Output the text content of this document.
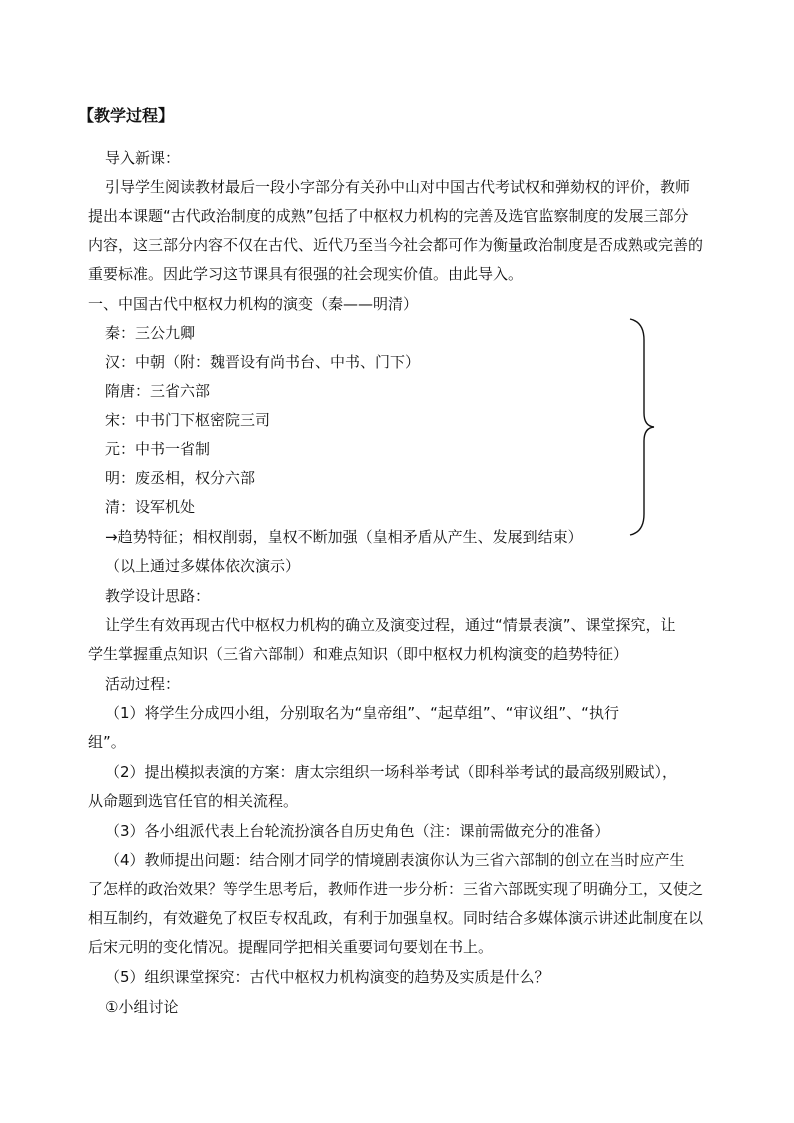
【教学过程】
导入新课：
引导学生阅读教材最后一段小字部分有关孙中山对中国古代考试权和弹劾权的评价，教师
提出本课题“古代政治制度的成熟”包括了中枢权力机构的完善及选官监察制度的发展三部分
内容，这三部分内容不仅在古代、近代乃至当今社会都可作为衡量政治制度是否成熟或完善的
重要标准。因此学习这节课具有很强的社会现实价值。由此导入。
一、中国古代中枢权力机构的演变（秦——明清）
秦：三公九卿
汉：中朝（附：魏晋设有尚书台、中书、门下）
隋唐：三省六部
宋：中书门下枢密院三司
元：中书一省制
明：废丞相，权分六部
清：设军机处
→趋势特征；相权削弱，皇权不断加强（皇相矛盾从产生、发展到结束）
（以上通过多媒体依次演示）
教学设计思路：
让学生有效再现古代中枢权力机构的确立及演变过程，通过“情景表演”、课堂探究，让
学生掌握重点知识（三省六部制）和难点知识（即中枢权力机构演变的趋势特征）
活动过程：
（1）将学生分成四小组，分别取名为“皇帝组”、“起草组”、“审议组”、“执行
组”。
（2）提出模拟表演的方案：唐太宗组织一场科举考试（即科举考试的最高级别殿试），
从命题到选官任官的相关流程。
（3）各小组派代表上台轮流扮演各自历史角色（注：课前需做充分的准备）
（4）教师提出问题：结合刚才同学的情境剧表演你认为三省六部制的创立在当时应产生
了怎样的政治效果？等学生思考后，教师作进一步分析：三省六部既实现了明确分工，又使之
相互制约，有效避免了权臣专权乱政，有利于加强皇权。同时结合多媒体演示讲述此制度在以
后宋元明的变化情况。提醒同学把相关重要词句要划在书上。
（5）组织课堂探究：古代中枢权力机构演变的趋势及实质是什么？
①小组讨论
